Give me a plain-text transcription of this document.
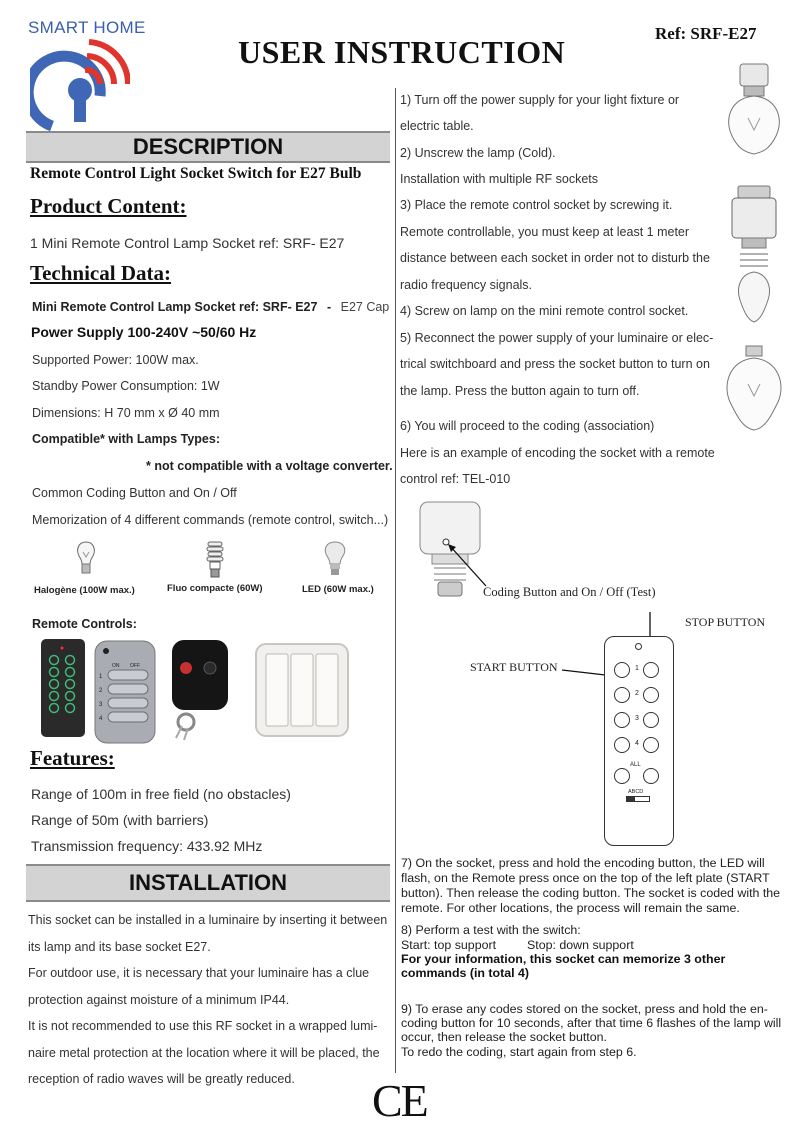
SMART HOME
USER INSTRUCTION
Ref: SRF-E27
DESCRIPTION
Remote Control Light Socket Switch for E27 Bulb
Product Content:
1 Mini Remote Control Lamp Socket ref: SRF- E27
Technical Data:
Mini Remote Control Lamp Socket ref: SRF- E27 - E27 Cap
Power Supply 100-240V ~50/60 Hz
Supported Power: 100W max.
Standby Power Consumption: 1W
Dimensions: H 70 mm x Ø 40 mm
Compatible* with Lamps Types:
* not compatible with a voltage converter.
Common Coding Button and On / Off
Memorization of 4 different commands (remote control, switch...)
Halogène (100W max.)	Fluo compacte (60W)	LED (60W max.)
Remote Controls:
ON OFF
1
2
3
4
Features:
Range of 100m in free field (no obstacles)
Range of 50m (with barriers)
Transmission frequency: 433.92 MHz
INSTALLATION
This socket can be installed in a luminaire by inserting it between
its lamp and its base socket E27.
For outdoor use, it is necessary that your luminaire has a clue
protection against moisture of a minimum IP44.
It is not recommended to use this RF socket in a wrapped lumi-
naire metal protection at the location where it will be placed, the
reception of radio waves will be greatly reduced.
1) Turn off the power supply for your light fixture or
electric table.
2) Unscrew the lamp (Cold).
Installation with multiple RF sockets
3) Place the remote control socket by screwing it.
Remote controllable, you must keep at least 1 meter
distance between each socket in order not to disturb the
radio frequency signals.
4) Screw on lamp on the mini remote control socket.
5) Reconnect the power supply of your luminaire or elec-
trical switchboard and press the socket button to turn on
the lamp. Press the button again to turn off.
6) You will proceed to the coding (association)
Here is an example of encoding the socket with a remote
control ref: TEL-010
Coding Button and On / Off (Test)
STOP BUTTON
START BUTTON	1
2
3
4
ALL
ABCD
7) On the socket, press and hold the encoding button, the LED will flash, on the Remote press once on the top of the left plate (START button). Then release the coding button. The socket is coded with the remote. For other locations, the process will remain the same.
8) Perform a test with the switch:
Start: top support Stop: down support
For your information, this socket can memorize 3 other commands (in total 4)
9) To erase any codes stored on the socket, press and hold the en-coding button for 10 seconds, after that time 6 flashes of the lamp will occur, then release the socket button.
To redo the coding, start again from step 6.
CE
